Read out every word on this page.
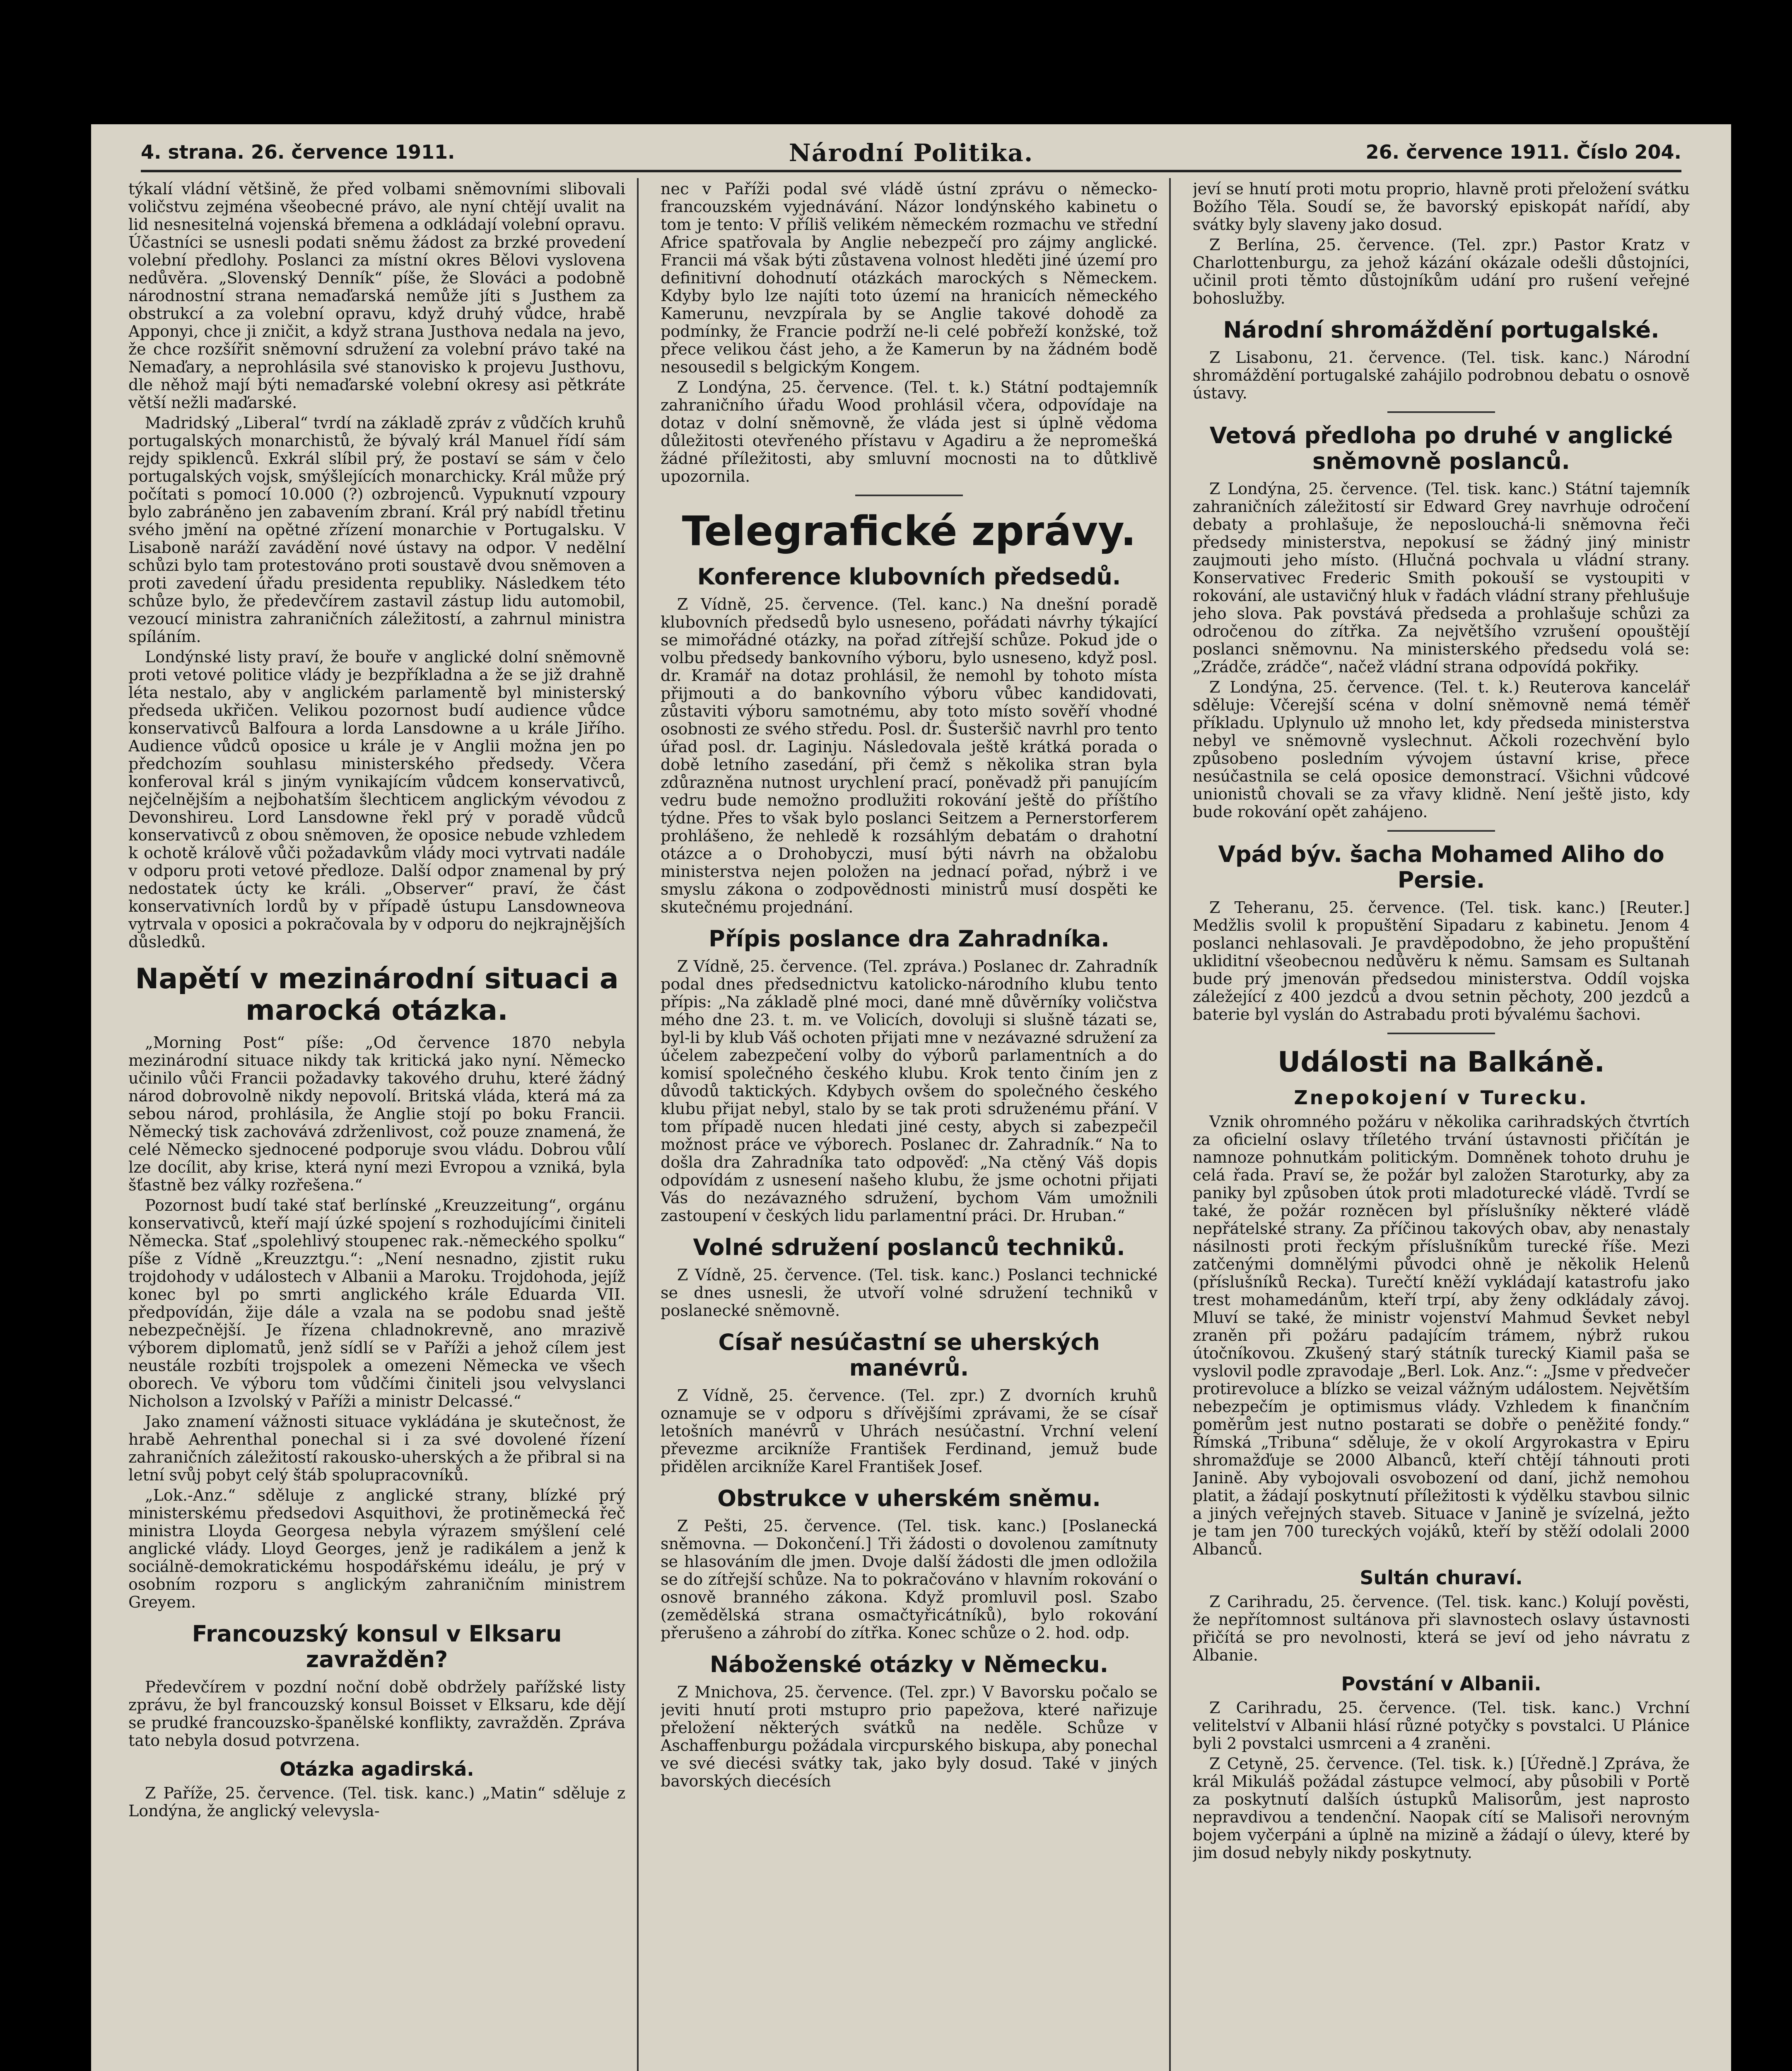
4. strana. 26. července 1911.	Národní Politika.	26. července 1911. Číslo 204.

týkalí vládní většině, že před volbami sněmovními slibovali voličstvu zejména všeobecné právo, ale nyní chtějí uvalit na lid nesnesitelná vojenská břemena a odkládají volební opravu. Účastníci se usnesli podati sněmu žádost za brzké provedení volební předlohy. Poslanci za místní okres Bělovi vyslovena nedůvěra. „Slovenský Denník“ píše, že Slováci a podobně národnostní strana nemaďarská nemůže jíti s Justhem za obstrukcí a za volební opravu, když druhý vůdce, hrabě Apponyi, chce ji zničit, a když strana Justhova nedala na jevo, že chce rozšířit sněmovní sdružení za volební právo také na Nemaďary, a neprohlásila své stanovisko k projevu Justhovu, dle něhož mají býti nemaďarské volební okresy asi pětkráte větší nežli maďarské.

Madridský „Liberal“ tvrdí na základě zpráv z vůdčích kruhů portugalských monarchistů, že bývalý král Manuel řídí sám rejdy spiklenců. Exkrál slíbil prý, že postaví se sám v čelo portugalských vojsk, smýšlejících monarchicky. Král může prý počítati s pomocí 10.000 (?) ozbrojenců. Vypuknutí vzpoury bylo zabráněno jen zabavením zbraní. Král prý nabídl třetinu svého jmění na opětné zřízení monarchie v Portugalsku. V Lisaboně naráží zavádění nové ústavy na odpor. V nedělní schůzi bylo tam protestováno proti soustavě dvou sněmoven a proti zavedení úřadu presidenta republiky. Následkem této schůze bylo, že předevčírem zastavil zástup lidu automobil, vezoucí ministra zahraničních záležitostí, a zahrnul ministra spíláním.

Londýnské listy praví, že bouře v anglické dolní sněmovně proti vetové politice vlády je bezpříkladna a že se již drahně léta nestalo, aby v anglickém parlamentě byl ministerský předseda ukřičen. Velikou pozornost budí audience vůdce konservativců Balfoura a lorda Lansdowne a u krále Jiřího. Audience vůdců oposice u krále je v Anglii možna jen po předchozím souhlasu ministerského předsedy. Včera konferoval král s jiným vynikajícím vůdcem konservativců, nejčelnějším a nejbohatším šlechticem anglickým vévodou z Devonshireu. Lord Lansdowne řekl prý v poradě vůdců konservativců z obou sněmoven, že oposice nebude vzhledem k ochotě králově vůči požadavkům vlády moci vytrvati nadále v odporu proti vetové předloze. Další odpor znamenal by prý nedostatek úcty ke králi. „Observer“ praví, že část konservativních lordů by v případě ústupu Lansdowneova vytrvala v oposici a pokračovala by v odporu do nejkrajnějších důsledků.

Napětí v mezinárodní situaci a marocká otázka.

„Morning Post“ píše: „Od července 1870 nebyla mezinárodní situace nikdy tak kritická jako nyní. Německo učinilo vůči Francii požadavky takového druhu, které žádný národ dobrovolně nikdy nepovolí. Britská vláda, která má za sebou národ, prohlásila, že Anglie stojí po boku Francii. Německý tisk zachovává zdrženlivost, což pouze znamená, že celé Německo sjednocené podporuje svou vládu. Dobrou vůlí lze docílit, aby krise, která nyní mezi Evropou a vzniká, byla šťastně bez války rozřešena.“

Pozornost budí také stať berlínské „Kreuzzeitung“, orgánu konservativců, kteří mají úzké spojení s rozhodujícími činiteli Německa. Stať „spolehlivý stoupenec rak.-německého spolku“ píše z Vídně „Kreuzztgu.“: „Není nesnadno, zjistit ruku trojdohody v událostech v Albanii a Maroku. Trojdohoda, jejíž konec byl po smrti anglického krále Eduarda VII. předpovídán, žije dále a vzala na se podobu snad ještě nebezpečnější. Je řízena chladnokrevně, ano mrazivě výborem diplomatů, jenž sídlí se v Paříži a jehož cílem jest neustále rozbíti trojspolek a omezeni Německa ve všech oborech. Ve výboru tom vůdčími činiteli jsou velvyslanci Nicholson a Izvolský v Paříži a ministr Delcassé.“

Jako znamení vážnosti situace vykládána je skutečnost, že hrabě Aehrenthal ponechal si i za své dovolené řízení zahraničních záležitostí rakousko-uherských a že přibral si na letní svůj pobyt celý štáb spolupracovníků.

„Lok.-Anz.“ sděluje z anglické strany, blízké prý ministerskému předsedovi Asquithovi, že protiněmecká řeč ministra Lloyda Georgesa nebyla výrazem smýšlení celé anglické vlády. Lloyd Georges, jenž je radikálem a jenž k sociálně-demokratickému hospodářskému ideálu, je prý v osobním rozporu s anglickým zahraničním ministrem Greyem.

Francouzský konsul v Elksaru zavražděn?

Předevčírem v pozdní noční době obdržely pařížské listy zprávu, že byl francouzský konsul Boisset v Elksaru, kde dějí se prudké francouzsko-španělské konflikty, zavražděn. Zpráva tato nebyla dosud potvrzena.

Otázka agadirská.

Z Paříže, 25. července. (Tel. tisk. kanc.) „Matin“ sděluje z Londýna, že anglický velevysla-

nec v Paříži podal své vládě ústní zprávu o německo-francouzském vyjednávání. Názor londýnského kabinetu o tom je tento: V příliš velikém německém rozmachu ve střední Africe spatřovala by Anglie nebezpečí pro zájmy anglické. Francii má však býti zůstavena volnost hleděti jiné území pro definitivní dohodnutí otázkách marockých s Německem. Kdyby bylo lze najíti toto území na hranicích německého Kamerunu, nevzpírala by se Anglie takové dohodě za podmínky, že Francie podrží ne-li celé pobřeží konžské, tož přece velikou část jeho, a že Kamerun by na žádném bodě nesousedil s belgickým Kongem.

Z Londýna, 25. července. (Tel. t. k.) Státní podtajemník zahraničního úřadu Wood prohlásil včera, odpovídaje na dotaz v dolní sněmovně, že vláda jest si úplně vědoma důležitosti otevřeného přístavu v Agadiru a že nepromešká žádné příležitosti, aby smluvní mocnosti na to důtklivě upozornila.

Telegrafické zprávy.
Konference klubovních předsedů.

Z Vídně, 25. července. (Tel. kanc.) Na dnešní poradě klubovních předsedů bylo usneseno, pořádati návrhy týkající se mimořádné otázky, na pořad zítřejší schůze. Pokud jde o volbu předsedy bankovního výboru, bylo usneseno, když posl. dr. Kramář na dotaz prohlásil, že nemohl by tohoto místa přijmouti a do bankovního výboru vůbec kandidovati, zůstaviti výboru samotnému, aby toto místo sověří vhodné osobnosti ze svého středu. Posl. dr. Šusteršič navrhl pro tento úřad posl. dr. Laginju. Následovala ještě krátká porada o době letního zasedání, při čemž s několika stran byla zdůrazněna nutnost urychlení prací, poněvadž při panujícím vedru bude nemožno prodlužiti rokování ještě do příštího týdne. Přes to však bylo poslanci Seitzem a Pernerstorferem prohlášeno, že nehledě k rozsáhlým debatám o drahotní otázce a o Drohobyczi, musí býti návrh na obžalobu ministerstva nejen položen na jednací pořad, nýbrž i ve smyslu zákona o zodpovědnosti ministrů musí dospěti ke skutečnému projednání.

Přípis poslance dra Zahradníka.

Z Vídně, 25. července. (Tel. zpráva.) Poslanec dr. Zahradník podal dnes předsednictvu katolicko-národního klubu tento přípis: „Na základě plné moci, dané mně důvěrníky voličstva mého dne 23. t. m. ve Volicích, dovoluji si slušně tázati se, byl-li by klub Váš ochoten přijati mne v nezávazné sdružení za účelem zabezpečení volby do výborů parlamentních a do komisí společného českého klubu. Krok tento činím jen z důvodů taktických. Kdybych ovšem do společného českého klubu přijat nebyl, stalo by se tak proti sdruženému přání. V tom případě nucen hledati jiné cesty, abych si zabezpečil možnost práce ve výborech. Poslanec dr. Zahradník.“ Na to došla dra Zahradníka tato odpověď: „Na ctěný Váš dopis odpovídám z usnesení našeho klubu, že jsme ochotni přijati Vás do nezávazného sdružení, bychom Vám umožnili zastoupení v českých lidu parlamentní práci. Dr. Hruban.“

Volné sdružení poslanců techniků.

Z Vídně, 25. července. (Tel. tisk. kanc.) Poslanci technické se dnes usnesli, že utvoří volné sdružení techniků v poslanecké sněmovně.

Císař nesúčastní se uherských manévrů.

Z Vídně, 25. července. (Tel. zpr.) Z dvorních kruhů oznamuje se v odporu s dřívějšími zprávami, že se císař letošních manévrů v Uhrách nesúčastní. Vrchní velení převezme arcikníže František Ferdinand, jemuž bude přidělen arcikníže Karel František Josef.

Obstrukce v uherském sněmu.

Z Pešti, 25. července. (Tel. tisk. kanc.) [Poslanecká sněmovna. — Dokončení.] Tři žádosti o dovolenou zamítnuty se hlasováním dle jmen. Dvoje další žádosti dle jmen odložila se do zítřejší schůze. Na to pokračováno v hlavním rokování o osnově branného zákona. Když promluvil posl. Szabo (zemědělská strana osmačtyřicátníků), bylo rokování přerušeno a záhrobí do zítřka. Konec schůze o 2. hod. odp.

Náboženské otázky v Německu.

Z Mnichova, 25. července. (Tel. zpr.) V Bavorsku počalo se jeviti hnutí proti mstupro prio papežova, které nařizuje přeložení některých svátků na neděle. Schůze v Aschaffenburgu požádala vircpurského biskupa, aby ponechal ve své diecési svátky tak, jako byly dosud. Také v jiných bavorských diecésích

jeví se hnutí proti motu proprio, hlavně proti přeložení svátku Božího Těla. Soudí se, že bavorský episkopát nařídí, aby svátky byly slaveny jako dosud.

Z Berlína, 25. července. (Tel. zpr.) Pastor Kratz v Charlottenburgu, za jehož kázání okázale odešli důstojníci, učinil proti těmto důstojníkům udání pro rušení veřejné bohoslužby.

Národní shromáždění portugalské.

Z Lisabonu, 21. července. (Tel. tisk. kanc.) Národní shromáždění portugalské zahájilo podrobnou debatu o osnově ústavy.

Vetová předloha po druhé v anglické sněmovně poslanců.

Z Londýna, 25. července. (Tel. tisk. kanc.) Státní tajemník zahraničních záležitostí sir Edward Grey navrhuje odročení debaty a prohlašuje, že neposlouchá-li sněmovna řeči předsedy ministerstva, nepokusí se žádný jiný ministr zaujmouti jeho místo. (Hlučná pochvala u vládní strany. Konservativec Frederic Smith pokouší se vystoupiti v rokování, ale ustavičný hluk v řadách vládní strany přehlušuje jeho slova. Pak povstává předseda a prohlašuje schůzi za odročenou do zítřka. Za největšího vzrušení opouštějí poslanci sněmovnu. Na ministerského předsedu volá se: „Zrádče, zrádče“, načež vládní strana odpovídá pokřiky.

Z Londýna, 25. července. (Tel. t. k.) Reuterova kancelář sděluje: Včerejší scéna v dolní sněmovně nemá téměř příkladu. Uplynulo už mnoho let, kdy předseda ministerstva nebyl ve sněmovně vyslechnut. Ačkoli rozechvění bylo způsobeno posledním vývojem ústavní krise, přece nesúčastnila se celá oposice demonstrací. Všichni vůdcové unionistů chovali se za vřavy klidně. Není ještě jisto, kdy bude rokování opět zahájeno.

Vpád býv. šacha Mohamed Aliho do Persie.

Z Teheranu, 25. července. (Tel. tisk. kanc.) [Reuter.] Medžlis svolil k propuštění Sipadaru z kabinetu. Jenom 4 poslanci nehlasovali. Je pravděpodobno, že jeho propuštění ukliditní všeobecnou nedůvěru k němu. Samsam es Sultanah bude prý jmenován předsedou ministerstva. Oddíl vojska záležející z 400 jezdců a dvou setnin pěchoty, 200 jezdců a baterie byl vyslán do Astrabadu proti bývalému šachovi.

Události na Balkáně.
Znepokojení v Turecku.

Vznik ohromného požáru v několika carihradských čtvrtích za oficielní oslavy tříletého trvání ústavnosti přičítán je namnoze pohnutkám politickým. Domněnek tohoto druhu je celá řada. Praví se, že požár byl založen Staroturky, aby za paniky byl způsoben útok proti mladoturecké vládě. Tvrdí se také, že požár rozněcen byl příslušníky některé vládě nepřátelské strany. Za příčinou takových obav, aby nenastaly násilnosti proti řeckým příslušníkům turecké říše. Mezi zatčenými domnělými původci ohně je několik Helenů (příslušníků Recka). Turečtí kněží vykládají katastrofu jako trest mohamedánům, kteří trpí, aby ženy odkládaly závoj. Mluví se také, že ministr vojenství Mahmud Ševket nebyl zraněn při požáru padajícím trámem, nýbrž rukou útočníkovou. Zkušený starý státník turecký Kiamil paša se vyslovil podle zpravodaje „Berl. Lok. Anz.“: „Jsme v předvečer protirevoluce a blízko se veizal vážným událostem. Největším nebezpečím je optimismus vlády. Vzhledem k finančním poměrům jest nutno postarati se dobře o peněžité fondy.“ Římská „Tribuna“ sděluje, že v okolí Argyrokastra v Epiru shromažďuje se 2000 Albanců, kteří chtějí táhnouti proti Janině. Aby vybojovali osvobození od daní, jichž nemohou platit, a žádají poskytnutí příležitosti k výdělku stavbou silnic a jiných veřejných staveb. Situace v Janině je svízelná, ježto je tam jen 700 tureckých vojáků, kteří by stěží odolali 2000 Albanců.

Sultán churaví.

Z Carihradu, 25. července. (Tel. tisk. kanc.) Kolují pověsti, že nepřítomnost sultánova při slavnostech oslavy ústavnosti přičítá se pro nevolnosti, která se jeví od jeho návratu z Albanie.

Povstání v Albanii.

Z Carihradu, 25. července. (Tel. tisk. kanc.) Vrchní velitelství v Albanii hlásí různé potyčky s povstalci. U Plánice byli 2 povstalci usmrceni a 4 zraněni.

Z Cetyně, 25. července. (Tel. tisk. k.) [Úředně.] Zpráva, že král Mikuláš požádal zástupce velmocí, aby působili v Portě za poskytnutí dalších ústupků Malisorům, jest naprosto nepravdivou a tendenční. Naopak cítí se Malisoři nerovným bojem vyčerpáni a úplně na mizině a žádají o úlevy, které by jim dosud nebyly nikdy poskytnuty.
